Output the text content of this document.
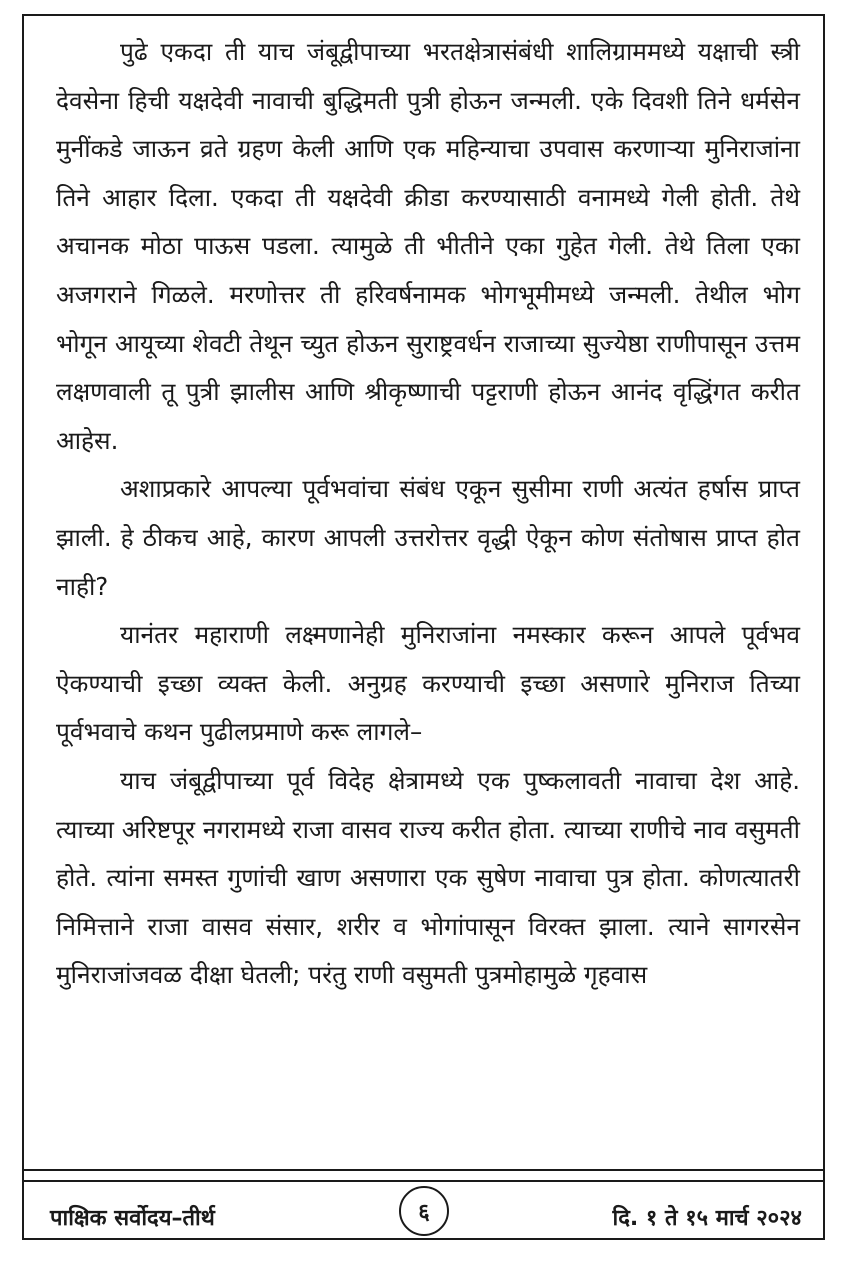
पुढे एकदा ती याच जंबूद्वीपाच्या भरतक्षेत्रासंबंधी शालिग्राममध्ये यक्षाची स्त्री देवसेना हिची यक्षदेवी नावाची बुद्धिमती पुत्री होऊन जन्मली. एके दिवशी तिने धर्मसेन मुनींकडे जाऊन व्रते ग्रहण केली आणि एक महिन्याचा उपवास करणाऱ्या मुनिराजांना तिने आहार दिला. एकदा ती यक्षदेवी क्रीडा करण्यासाठी वनामध्ये गेली होती. तेथे अचानक मोठा पाऊस पडला. त्यामुळे ती भीतीने एका गुहेत गेली. तेथे तिला एका अजगराने गिळले. मरणोत्तर ती हरिवर्षनामक भोगभूमीमध्ये जन्मली. तेथील भोग भोगून आयूच्या शेवटी तेथून च्युत होऊन सुराष्ट्रवर्धन राजाच्या सुज्येष्ठा राणीपासून उत्तम लक्षणवाली तू पुत्री झालीस आणि श्रीकृष्णाची पट्टराणी होऊन आनंद वृद्धिंगत करीत आहेस.

अशाप्रकारे आपल्या पूर्वभवांचा संबंध एकून सुसीमा राणी अत्यंत हर्षास प्राप्त झाली. हे ठीकच आहे, कारण आपली उत्तरोत्तर वृद्धी ऐकून कोण संतोषास प्राप्त होत नाही?

यानंतर महाराणी लक्ष्मणानेही मुनिराजांना नमस्कार करून आपले पूर्वभव ऐकण्याची इच्छा व्यक्त केली. अनुग्रह करण्याची इच्छा असणारे मुनिराज तिच्या पूर्वभवाचे कथन पुढीलप्रमाणे करू लागले–

याच जंबूद्वीपाच्या पूर्व विदेह क्षेत्रामध्ये एक पुष्कलावती नावाचा देश आहे. त्याच्या अरिष्टपूर नगरामध्ये राजा वासव राज्य करीत होता. त्याच्या राणीचे नाव वसुमती होते. त्यांना समस्त गुणांची खाण असणारा एक सुषेण नावाचा पुत्र होता. कोणत्यातरी निमित्ताने राजा वासव संसार, शरीर व भोगांपासून विरक्त झाला. त्याने सागरसेन मुनिराजांजवळ दीक्षा घेतली; परंतु राणी वसुमती पुत्रमोहामुळे गृहवास

पाक्षिक सर्वोदय–तीर्थ	६	दि. १ ते १५ मार्च २०२४
